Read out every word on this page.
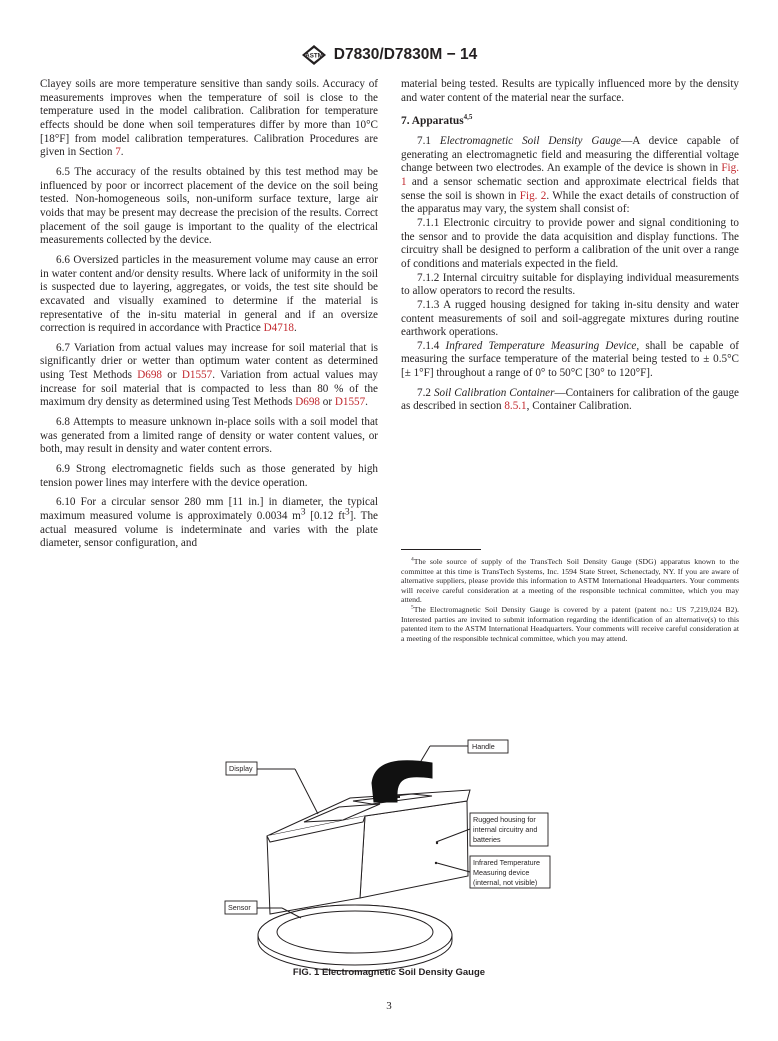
ASTM D7830/D7830M − 14

Clayey soils are more temperature sensitive than sandy soils. Accuracy of measurements improves when the temperature of soil is close to the temperature used in the model calibration. Calibration for temperature effects should be done when soil temperatures differ by more than 10°C [18°F] from model calibration temperatures. Calibration Procedures are given in Section 7.

6.5 The accuracy of the results obtained by this test method may be influenced by poor or incorrect placement of the device on the soil being tested. Non-homogeneous soils, non-uniform surface texture, large air voids that may be present may decrease the precision of the results. Correct placement of the soil gauge is important to the quality of the electrical measurements collected by the device.

6.6 Oversized particles in the measurement volume may cause an error in water content and/or density results. Where lack of uniformity in the soil is suspected due to layering, aggregates, or voids, the test site should be excavated and visually examined to determine if the material is representative of the in-situ material in general and if an oversize correction is required in accordance with Practice D4718.

6.7 Variation from actual values may increase for soil material that is significantly drier or wetter than optimum water content as determined using Test Methods D698 or D1557. Variation from actual values may increase for soil material that is compacted to less than 80 % of the maximum dry density as determined using Test Methods D698 or D1557.

6.8 Attempts to measure unknown in-place soils with a soil model that was generated from a limited range of density or water content values, or both, may result in density and water content errors.

6.9 Strong electromagnetic fields such as those generated by high tension power lines may interfere with the device operation.

6.10 For a circular sensor 280 mm [11 in.] in diameter, the typical maximum measured volume is approximately 0.0034 $m^3$ [0.12 $ft^3$]. The actual measured volume is indeterminate and varies with the plate diameter, sensor configuration, and

material being tested. Results are typically influenced more by the density and water content of the material near the surface.

7. Apparatus$^{4,5}$

7.1 Electromagnetic Soil Density Gauge—A device capable of generating an electromagnetic field and measuring the differential voltage change between two electrodes. An example of the device is shown in Fig. 1 and a sensor schematic section and approximate electrical fields that sense the soil is shown in Fig. 2. While the exact details of construction of the apparatus may vary, the system shall consist of:

7.1.1 Electronic circuitry to provide power and signal conditioning to the sensor and to provide the data acquisition and display functions. The circuitry shall be designed to perform a calibration of the unit over a range of conditions and materials expected in the field.

7.1.2 Internal circuitry suitable for displaying individual measurements to allow operators to record the results.

7.1.3 A rugged housing designed for taking in-situ density and water content measurements of soil and soil-aggregate mixtures during routine earthwork operations.

7.1.4 Infrared Temperature Measuring Device, shall be capable of measuring the surface temperature of the material being tested to ± 0.5°C [± 1°F] throughout a range of 0° to 50°C [30° to 120°F].

7.2 Soil Calibration Container—Containers for calibration of the gauge as described in section 8.5.1, Container Calibration.

$^4$The sole source of supply of the TransTech Soil Density Gauge (SDG) apparatus known to the committee at this time is TransTech Systems, Inc. 1594 State Street, Schenectady, NY. If you are aware of alternative suppliers, please provide this information to ASTM International Headquarters. Your comments will receive careful consideration at a meeting of the responsible technical committee, which you may attend.

$^5$The Electromagnetic Soil Density Gauge is covered by a patent (patent no.: US 7,219,024 B2). Interested parties are invited to submit information regarding the identification of an alternative(s) to this patented item to the ASTM International Headquarters. Your comments will receive careful consideration at a meeting of the responsible technical committee, which you may attend.

Handle
Display
Rugged housing for
internal circuitry and
batteries
Infrared Temperature
Measuring device
(internal, not visible)
Sensor
FIG. 1 Electromagnetic Soil Density Gauge
3
